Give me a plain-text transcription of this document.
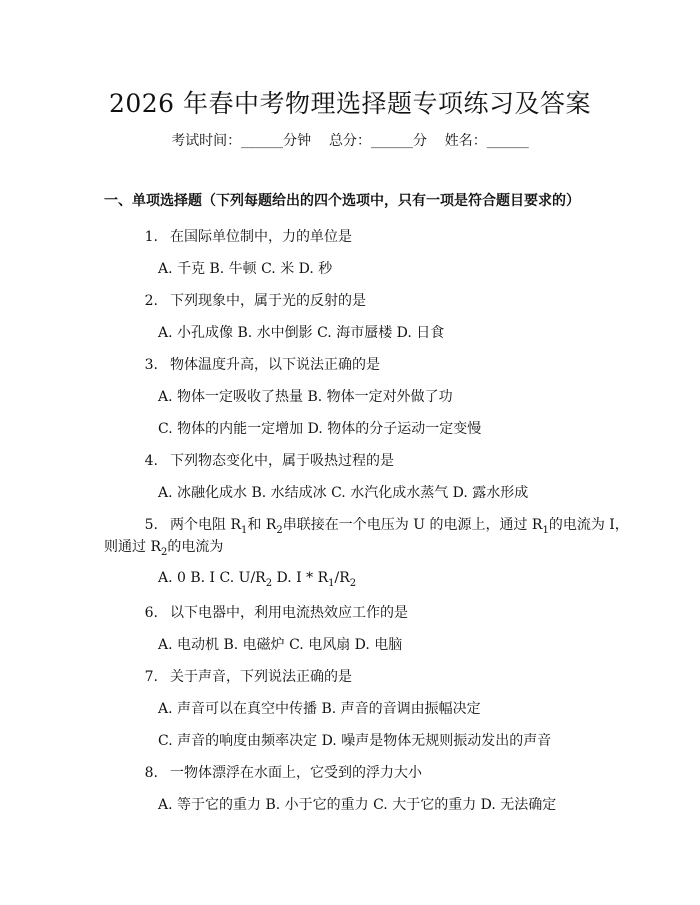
2026 年春中考物理选择题专项练习及答案
考试时间：______分钟    总分：______分    姓名：______
一、单项选择题（下列每题给出的四个选项中，只有一项是符合题目要求的）
1. 在国际单位制中，力的单位是
A. 千克 B. 牛顿 C. 米 D. 秒
2. 下列现象中，属于光的反射的是
A. 小孔成像 B. 水中倒影 C. 海市蜃楼 D. 日食
3. 物体温度升高，以下说法正确的是
A. 物体一定吸收了热量 B. 物体一定对外做了功
C. 物体的内能一定增加 D. 物体的分子运动一定变慢
4. 下列物态变化中，属于吸热过程的是
A. 冰融化成水 B. 水结成冰 C. 水汽化成水蒸气 D. 露水形成
5. 两个电阻 $R_1$和 $R_2$串联接在一个电压为 U 的电源上，通过 $R_1$的电流为 I，
则通过 $R_2$的电流为
A. 0 B. I C. $U/R_2$ D. I * $R_1/R_2$
6. 以下电器中，利用电流热效应工作的是
A. 电动机 B. 电磁炉 C. 电风扇 D. 电脑
7. 关于声音，下列说法正确的是
A. 声音可以在真空中传播 B. 声音的音调由振幅决定
C. 声音的响度由频率决定 D. 噪声是物体无规则振动发出的声音
8. 一物体漂浮在水面上，它受到的浮力大小
A. 等于它的重力 B. 小于它的重力 C. 大于它的重力 D. 无法确定
